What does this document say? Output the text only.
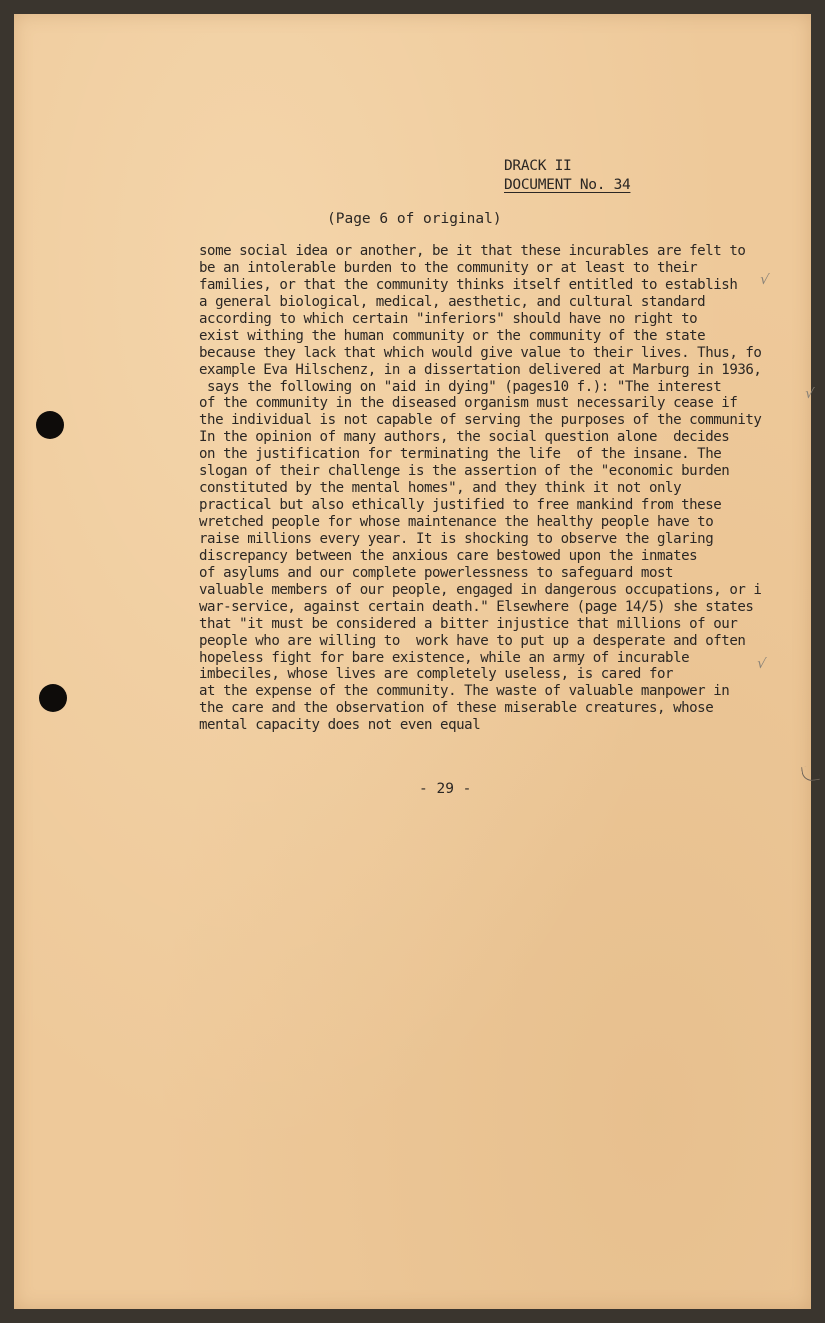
DRACK II
DOCUMENT No. 34
(Page 6 of original)
some social idea or another, be it that these incurables are felt to
be an intolerable burden to the community or at least to their
families, or that the community thinks itself entitled to establish
a general biological, medical, aesthetic, and cultural standard
according to which certain "inferiors" should have no right to
exist withing the human community or the community of the state
because they lack that which would give value to their lives. Thus, fo
example Eva Hilschenz, in a dissertation delivered at Marburg in 1936,
says the following on "aid in dying" (pages10 f.): "The interest
of the community in the diseased organism must necessarily cease if
the individual is not capable of serving the purposes of the community
In the opinion of many authors, the social question alone  decides
on the justification for terminating the life  of the insane. The
slogan of their challenge is the assertion of the "economic burden
constituted by the mental homes", and they think it not only
practical but also ethically justified to free mankind from these
wretched people for whose maintenance the healthy people have to
raise millions every year. It is shocking to observe the glaring
discrepancy between the anxious care bestowed upon the inmates
of asylums and our complete powerlessness to safeguard most
valuable members of our people, engaged in dangerous occupations, or i
war-service, against certain death." Elsewhere (page 14/5) she states
that "it must be considered a bitter injustice that millions of our
people who are willing to  work have to put up a desperate and often
hopeless fight for bare existence, while an army of incurable
imbeciles, whose lives are completely useless, is cared for
at the expense of the community. The waste of valuable manpower in
the care and the observation of these miserable creatures, whose
mental capacity does not even equal
- 29 -
√
√
√
